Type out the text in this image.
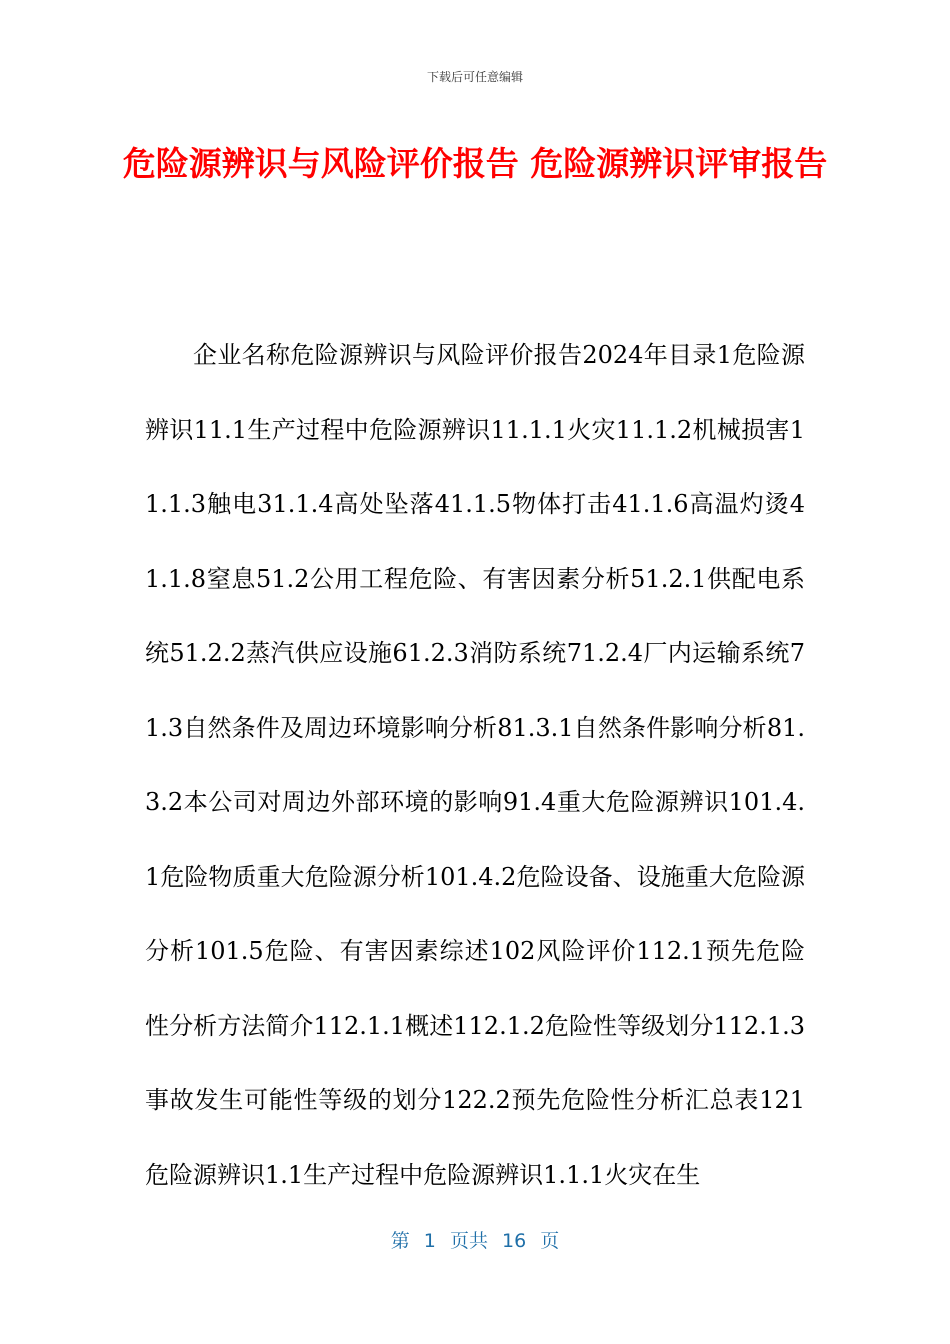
下载后可任意编辑
危险源辨识与风险评价报告 危险源辨识评审报告

企业名称危险源辨识与风险评价报告2024年目录1危险源辨识11.1生产过程中危险源辨识11.1.1火灾11.1.2机械损害11.1.3触电31.1.4高处坠落41.1.5物体打击41.1.6高温灼烫41.1.8窒息51.2公用工程危险、有害因素分析51.2.1供配电系统51.2.2蒸汽供应设施61.2.3消防系统71.2.4厂内运输系统71.3自然条件及周边环境影响分析81.3.1自然条件影响分析81.3.2本公司对周边外部环境的影响91.4重大危险源辨识101.4.1危险物质重大危险源分析101.4.2危险设备、设施重大危险源分析101.5危险、有害因素综述102风险评价112.1预先危险性分析方法简介112.1.1概述112.1.2危险性等级划分112.1.3事故发生可能性等级的划分122.2预先危险性分析汇总表121危险源辨识1.1生产过程中危险源辨识1.1.1火灾在生

第 1 页共 16 页
